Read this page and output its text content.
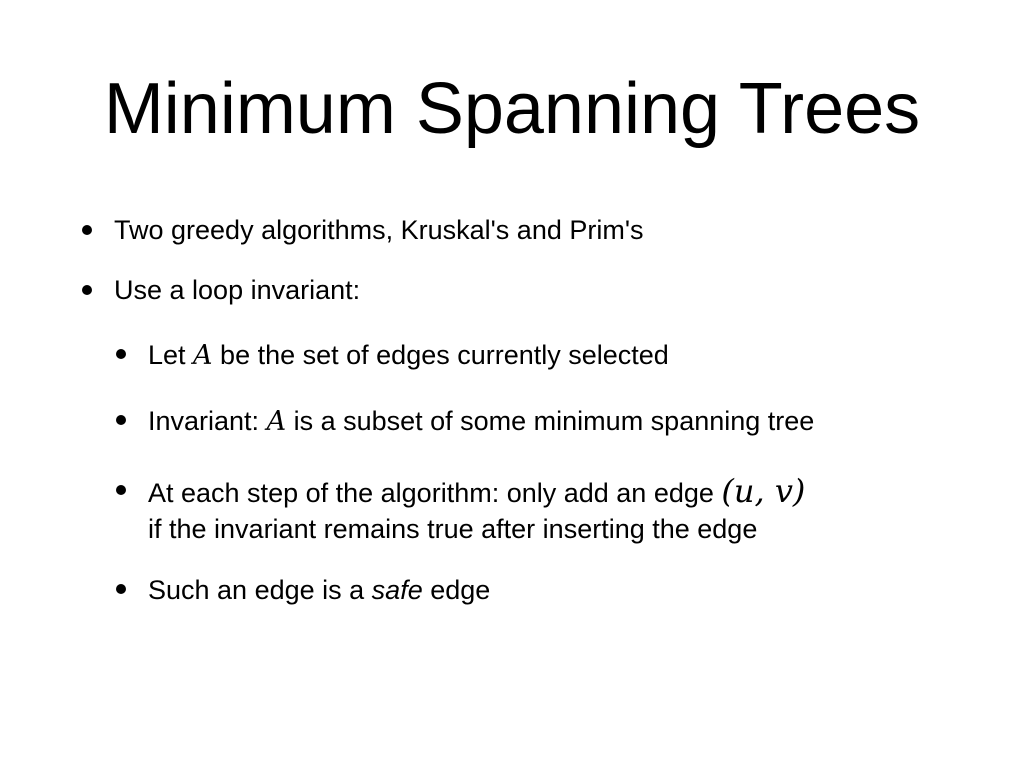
Minimum Spanning Trees
Two greedy algorithms, Kruskal's and Prim's
Use a loop invariant:
Let A be the set of edges currently selected
Invariant: A is a subset of some minimum spanning tree
At each step of the algorithm: only add an edge (u, v)
if the invariant remains true after inserting the edge
Such an edge is a safe edge
